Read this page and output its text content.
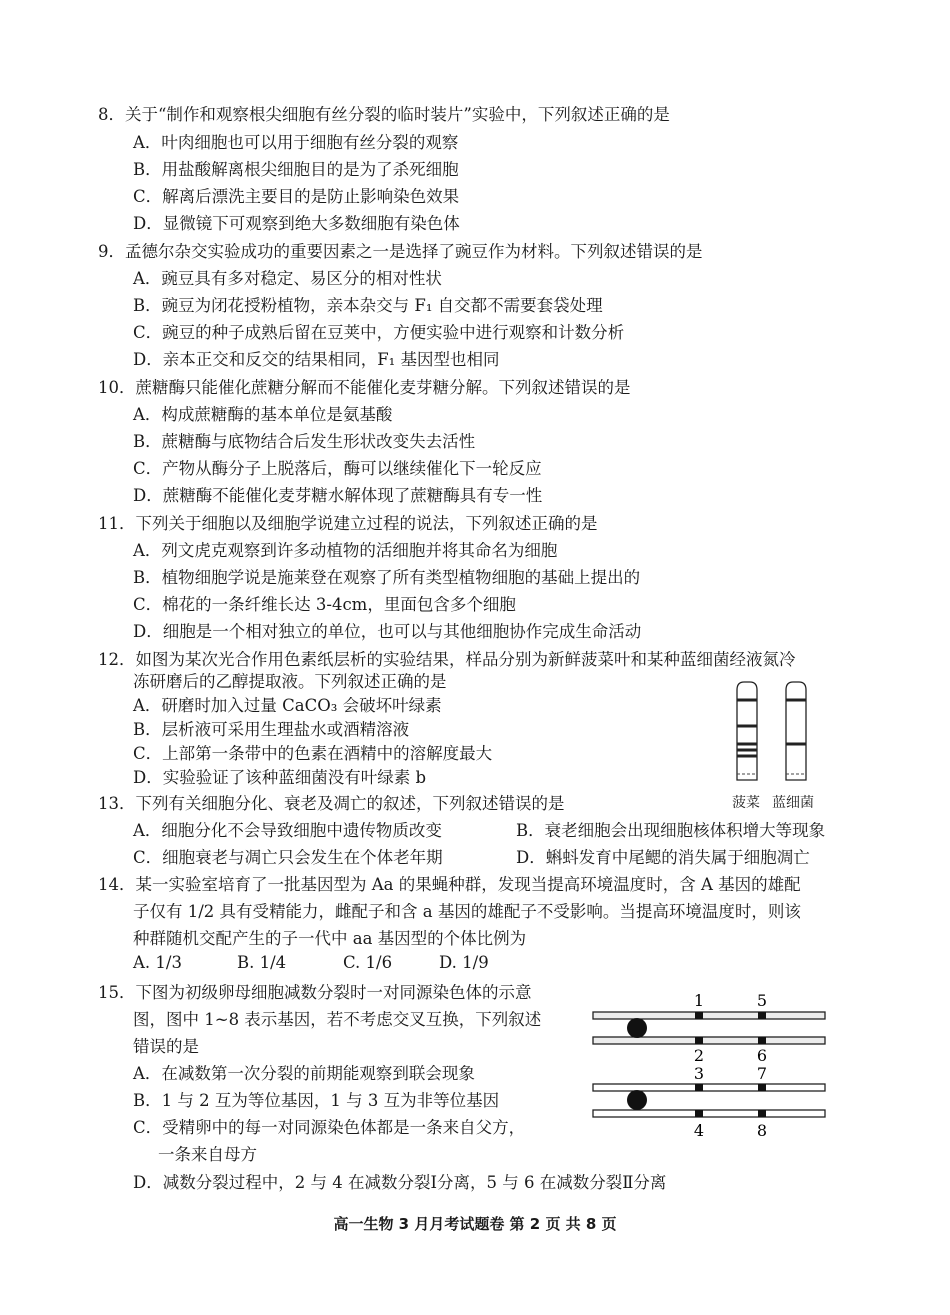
8．关于“制作和观察根尖细胞有丝分裂的临时装片”实验中，下列叙述正确的是
A．叶肉细胞也可以用于细胞有丝分裂的观察
B．用盐酸解离根尖细胞目的是为了杀死细胞
C．解离后漂洗主要目的是防止影响染色效果
D．显微镜下可观察到绝大多数细胞有染色体
9．孟德尔杂交实验成功的重要因素之一是选择了豌豆作为材料。下列叙述错误的是
A．豌豆具有多对稳定、易区分的相对性状
B．豌豆为闭花授粉植物，亲本杂交与 F₁ 自交都不需要套袋处理
C．豌豆的种子成熟后留在豆荚中，方便实验中进行观察和计数分析
D．亲本正交和反交的结果相同，F₁ 基因型也相同
10．蔗糖酶只能催化蔗糖分解而不能催化麦芽糖分解。下列叙述错误的是
A．构成蔗糖酶的基本单位是氨基酸
B．蔗糖酶与底物结合后发生形状改变失去活性
C．产物从酶分子上脱落后，酶可以继续催化下一轮反应
D．蔗糖酶不能催化麦芽糖水解体现了蔗糖酶具有专一性
11．下列关于细胞以及细胞学说建立过程的说法，下列叙述正确的是
A．列文虎克观察到许多动植物的活细胞并将其命名为细胞
B．植物细胞学说是施莱登在观察了所有类型植物细胞的基础上提出的
C．棉花的一条纤维长达 3-4cm，里面包含多个细胞
D．细胞是一个相对独立的单位，也可以与其他细胞协作完成生命活动
12．如图为某次光合作用色素纸层析的实验结果，样品分别为新鲜菠菜叶和某种蓝细菌经液氮冷
冻研磨后的乙醇提取液。下列叙述正确的是
A．研磨时加入过量 CaCO₃ 会破坏叶绿素
B．层析液可采用生理盐水或酒精溶液
C．上部第一条带中的色素在酒精中的溶解度最大
D．实验验证了该种蓝细菌没有叶绿素 b
菠菜 蓝细菌
13．下列有关细胞分化、衰老及凋亡的叙述，下列叙述错误的是
A．细胞分化不会导致细胞中遗传物质改变	B．衰老细胞会出现细胞核体积增大等现象
C．细胞衰老与凋亡只会发生在个体老年期	D．蝌蚪发育中尾鳃的消失属于细胞凋亡
14．某一实验室培育了一批基因型为 Aa 的果蝇种群，发现当提高环境温度时，含 A 基因的雄配
子仅有 1/2 具有受精能力，雌配子和含 a 基因的雄配子不受影响。当提高环境温度时，则该
种群随机交配产生的子一代中 aa 基因型的个体比例为
A. 1/3	B. 1/4	C. 1/6	D. 1/9
15．下图为初级卵母细胞减数分裂时一对同源染色体的示意
图，图中 1~8 表示基因，若不考虑交叉互换，下列叙述
错误的是
A．在减数第一次分裂的前期能观察到联会现象
B．1 与 2 互为等位基因，1 与 3 互为非等位基因
C．受精卵中的每一对同源染色体都是一条来自父方，
一条来自母方
D．减数分裂过程中，2 与 4 在减数分裂Ⅰ分离，5 与 6 在减数分裂Ⅱ分离
1	5
2	6
3	7
4	8
高一生物 3 月月考试题卷 第 2 页 共 8 页
